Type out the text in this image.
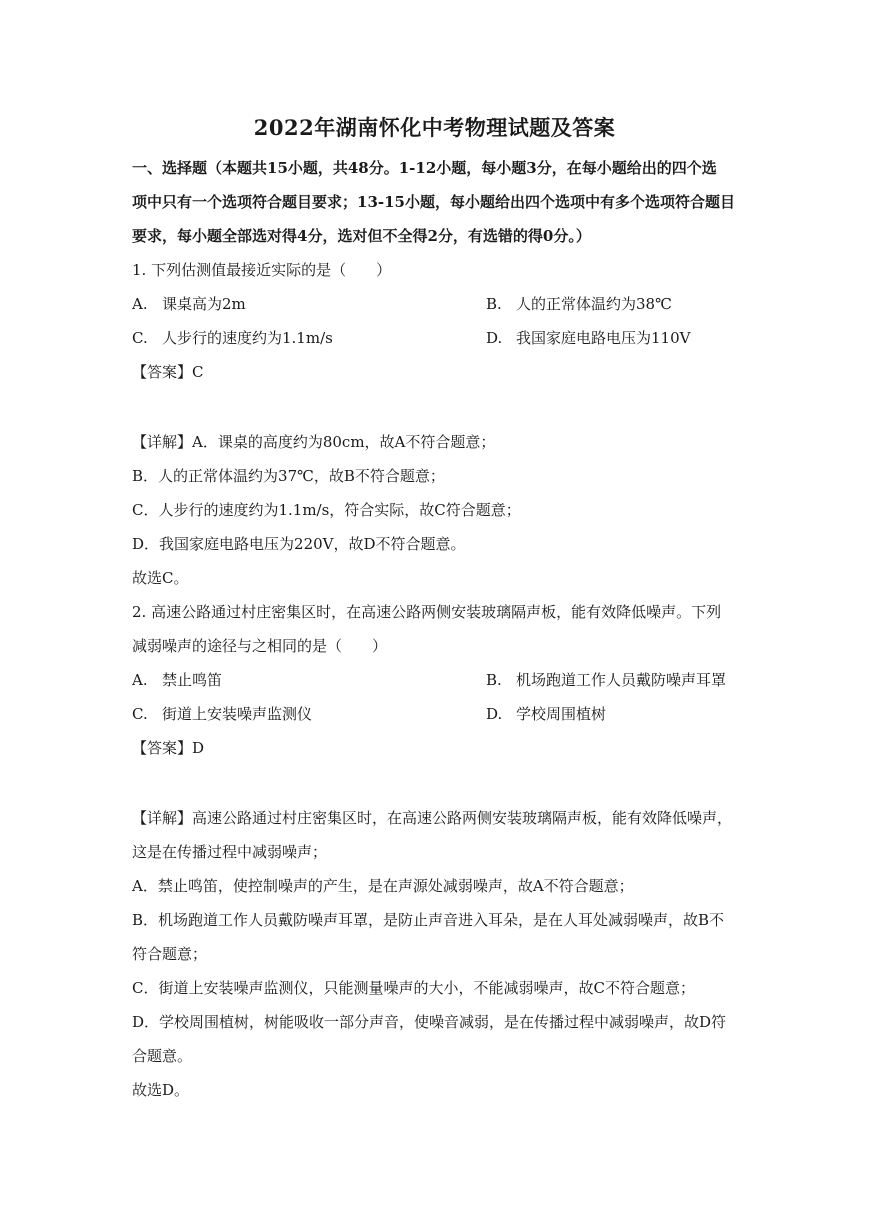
2022年湖南怀化中考物理试题及答案
一、选择题（本题共15小题，共48分。1-12小题，每小题3分，在每小题给出的四个选
项中只有一个选项符合题目要求；13-15小题，每小题给出四个选项中有多个选项符合题目
要求，每小题全部选对得4分，选对但不全得2分，有选错的得0分。）
1. 下列估测值最接近实际的是（　　）
A. 课桌高为2m	B. 人的正常体温约为38℃
C. 人步行的速度约为1.1m/s	D. 我国家庭电路电压为110V
【答案】C
【详解】A．课桌的高度约为80cm，故A不符合题意；
B．人的正常体温约为37℃，故B不符合题意；
C．人步行的速度约为1.1m/s，符合实际，故C符合题意；
D．我国家庭电路电压为220V，故D不符合题意。
故选C。
2. 高速公路通过村庄密集区时，在高速公路两侧安装玻璃隔声板，能有效降低噪声。下列
减弱噪声的途径与之相同的是（　　）
A. 禁止鸣笛	B. 机场跑道工作人员戴防噪声耳罩
C. 街道上安装噪声监测仪	D. 学校周围植树
【答案】D
【详解】高速公路通过村庄密集区时，在高速公路两侧安装玻璃隔声板，能有效降低噪声，
这是在传播过程中减弱噪声；
A．禁止鸣笛，使控制噪声的产生，是在声源处减弱噪声，故A不符合题意；
B．机场跑道工作人员戴防噪声耳罩，是防止声音进入耳朵，是在人耳处减弱噪声，故B不
符合题意；
C．街道上安装噪声监测仪，只能测量噪声的大小，不能减弱噪声，故C不符合题意；
D．学校周围植树，树能吸收一部分声音，使噪音减弱，是在传播过程中减弱噪声，故D符
合题意。
故选D。
